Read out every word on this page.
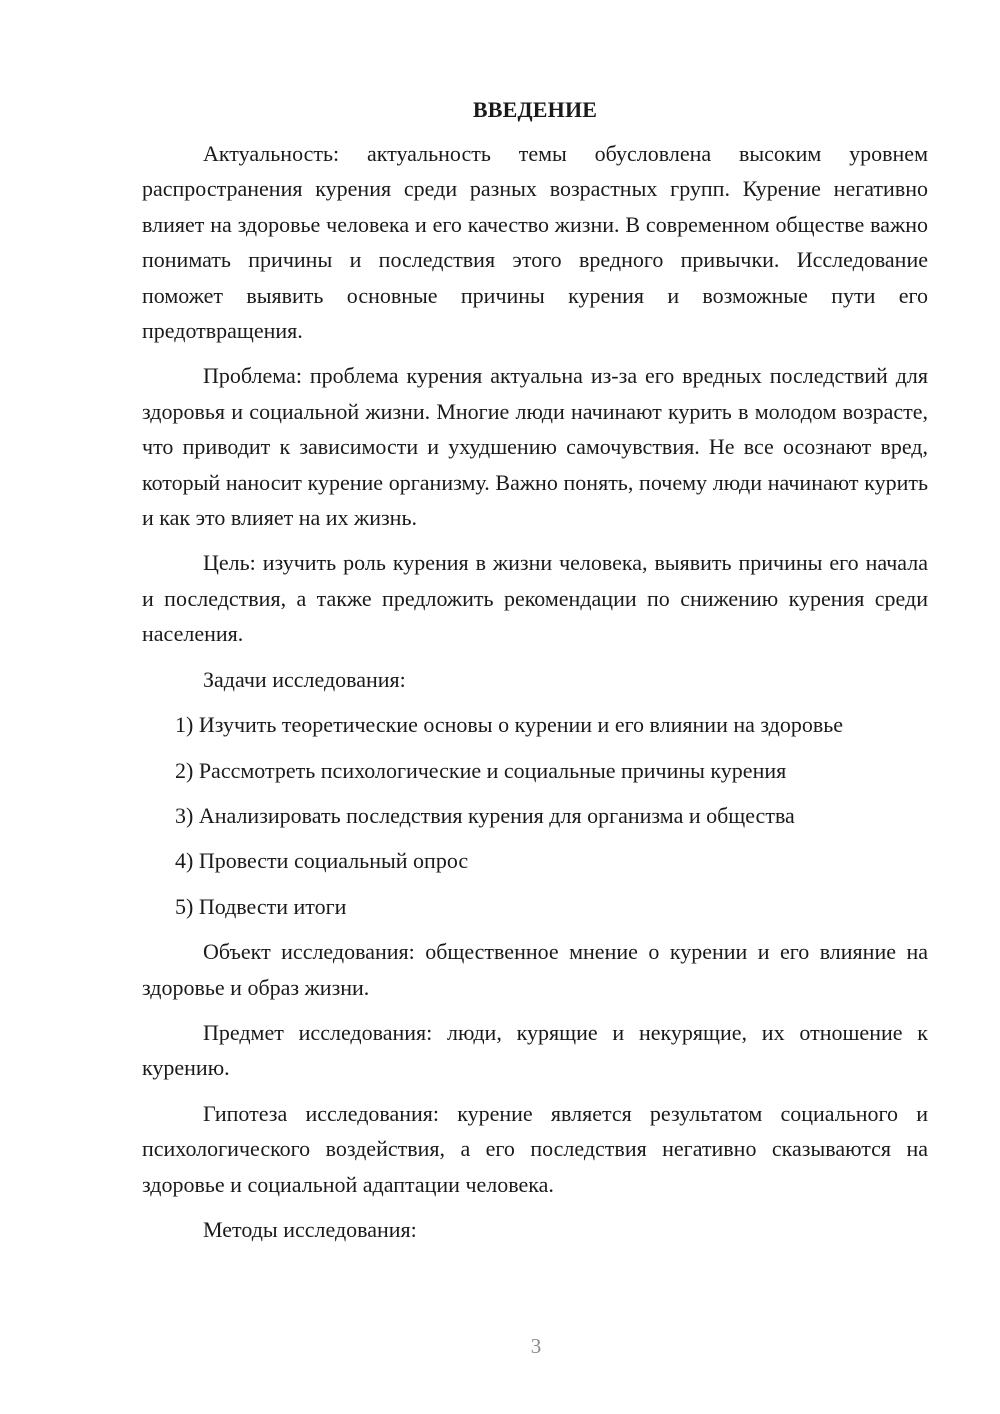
ВВЕДЕНИЕ

Актуальность: актуальность темы обусловлена высоким уровнем распространения курения среди разных возрастных групп. Курение негативно влияет на здоровье человека и его качество жизни. В современном обществе важно понимать причины и последствия этого вредного привычки. Исследование поможет выявить основные причины курения и возможные пути его предотвращения.

Проблема: проблема курения актуальна из-за его вредных последствий для здоровья и социальной жизни. Многие люди начинают курить в молодом возрасте, что приводит к зависимости и ухудшению самочувствия. Не все осознают вред, который наносит курение организму. Важно понять, почему люди начинают курить и как это влияет на их жизнь.

Цель: изучить роль курения в жизни человека, выявить причины его начала и последствия, а также предложить рекомендации по снижению курения среди населения.

Задачи исследования:

1) Изучить теоретические основы о курении и его влиянии на здоровье

2) Рассмотреть психологические и социальные причины курения

3) Анализировать последствия курения для организма и общества

4) Провести социальный опрос

5) Подвести итоги

Объект исследования: общественное мнение о курении и его влияние на здоровье и образ жизни.

Предмет исследования: люди, курящие и некурящие, их отношение к курению.

Гипотеза исследования: курение является результатом социального и психологического воздействия, а его последствия негативно сказываются на здоровье и социальной адаптации человека.

Методы исследования:

3
